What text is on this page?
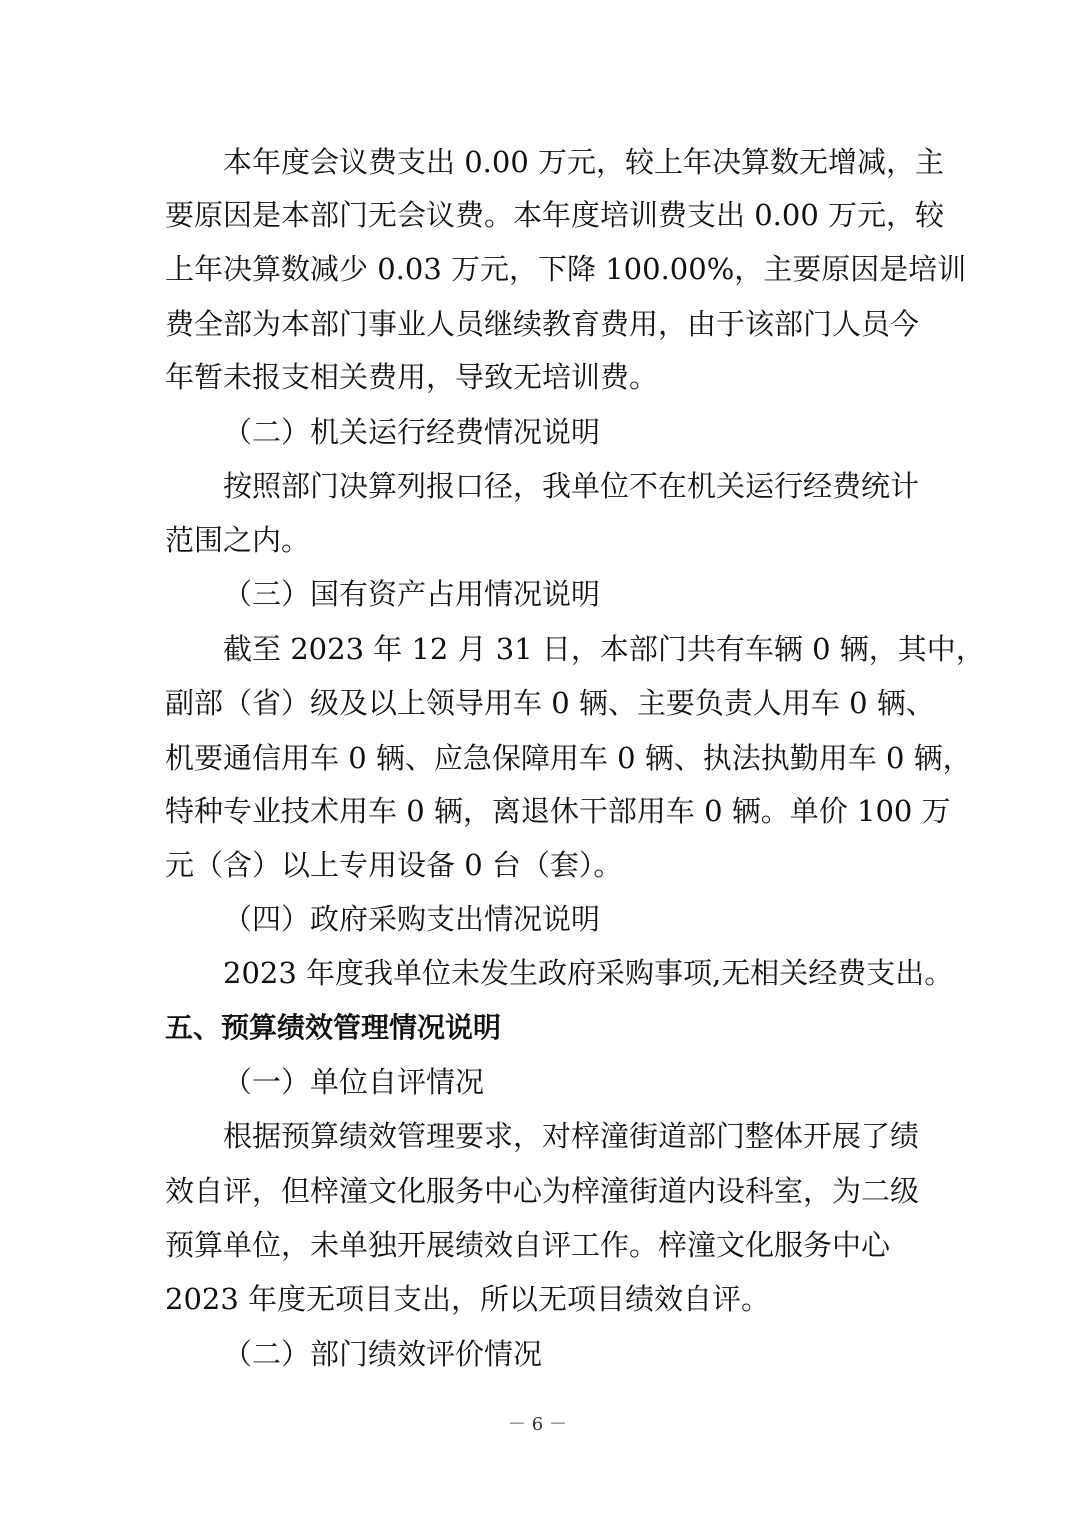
本年度会议费支出 0.00 万元，较上年决算数无增减，主
要原因是本部门无会议费。本年度培训费支出 0.00 万元，较
上年决算数减少 0.03 万元，下降 100.00%，主要原因是培训
费全部为本部门事业人员继续教育费用，由于该部门人员今
年暂未报支相关费用，导致无培训费。
（二）机关运行经费情况说明
按照部门决算列报口径，我单位不在机关运行经费统计
范围之内。
（三）国有资产占用情况说明
截至 2023 年 12 月 31 日，本部门共有车辆 0 辆，其中，
副部（省）级及以上领导用车 0 辆、主要负责人用车 0 辆、
机要通信用车 0 辆、应急保障用车 0 辆、执法执勤用车 0 辆，
特种专业技术用车 0 辆，离退休干部用车 0 辆。单价 100 万
元（含）以上专用设备 0 台（套）。
（四）政府采购支出情况说明
2023 年度我单位未发生政府采购事项,无相关经费支出。
五、预算绩效管理情况说明
（一）单位自评情况
根据预算绩效管理要求，对梓潼街道部门整体开展了绩
效自评，但梓潼文化服务中心为梓潼街道内设科室，为二级
预算单位，未单独开展绩效自评工作。梓潼文化服务中心
2023 年度无项目支出，所以无项目绩效自评。
（二）部门绩效评价情况
－ 6 －
